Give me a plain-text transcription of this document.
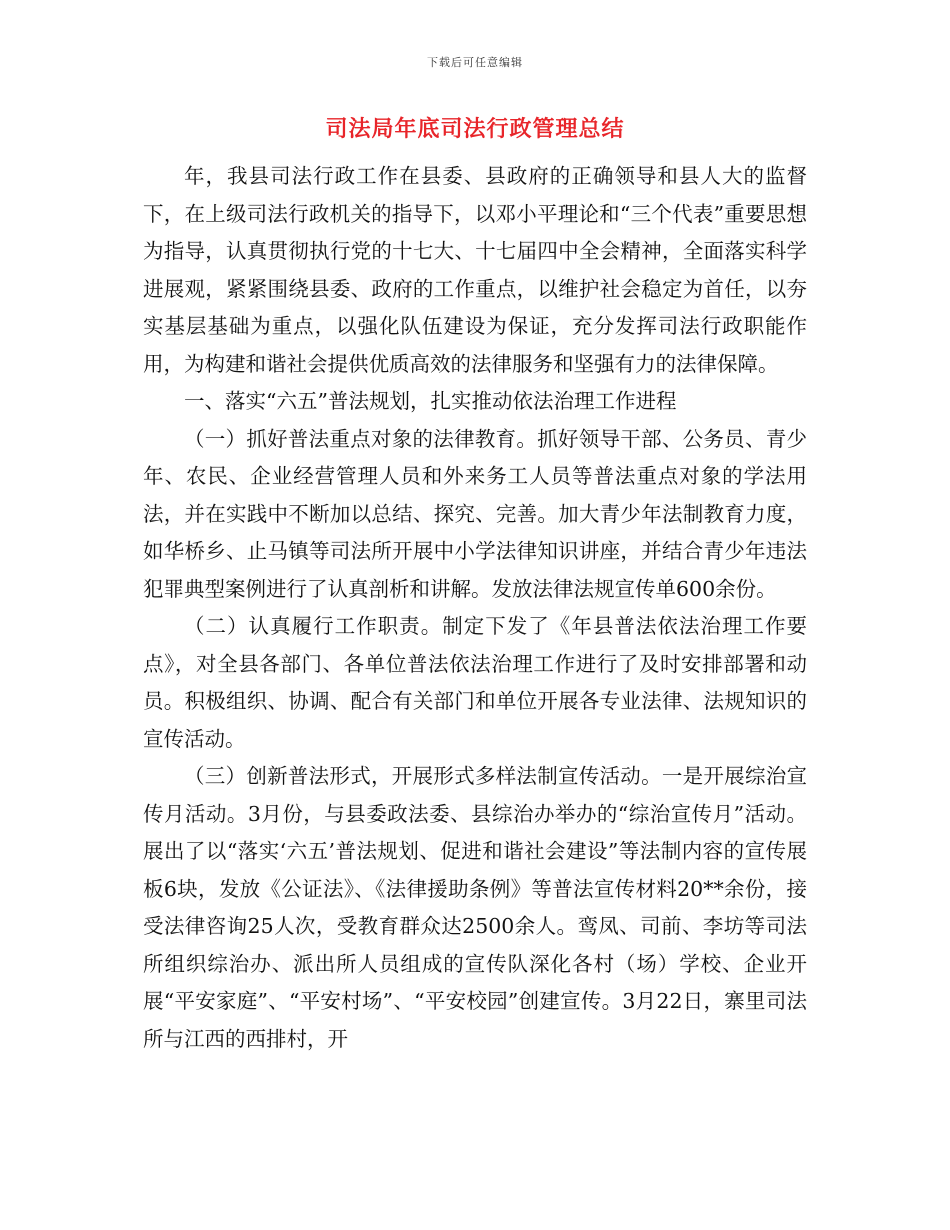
下载后可任意编辑
司法局年底司法行政管理总结

年，我县司法行政工作在县委、县政府的正确领导和县人大的监督下，在上级司法行政机关的指导下，以邓小平理论和“三个代表”重要思想为指导，认真贯彻执行党的十七大、十七届四中全会精神，全面落实科学进展观，紧紧围绕县委、政府的工作重点，以维护社会稳定为首任，以夯实基层基础为重点，以强化队伍建设为保证，充分发挥司法行政职能作用，为构建和谐社会提供优质高效的法律服务和坚强有力的法律保障。

一、落实“六五”普法规划，扎实推动依法治理工作进程

（一）抓好普法重点对象的法律教育。抓好领导干部、公务员、青少年、农民、企业经营管理人员和外来务工人员等普法重点对象的学法用法，并在实践中不断加以总结、探究、完善。加大青少年法制教育力度，如华桥乡、止马镇等司法所开展中小学法律知识讲座，并结合青少年违法犯罪典型案例进行了认真剖析和讲解。发放法律法规宣传单600余份。

（二）认真履行工作职责。制定下发了《年县普法依法治理工作要点》，对全县各部门、各单位普法依法治理工作进行了及时安排部署和动员。积极组织、协调、配合有关部门和单位开展各专业法律、法规知识的宣传活动。

（三）创新普法形式，开展形式多样法制宣传活动。一是开展综治宣传月活动。3月份，与县委政法委、县综治办举办的“综治宣传月”活动。展出了以“落实‘六五’普法规划、促进和谐社会建设”等法制内容的宣传展板6块，发放《公证法》、《法律援助条例》等普法宣传材料20**余份，接受法律咨询25人次，受教育群众达2500余人。鸾凤、司前、李坊等司法所组织综治办、派出所人员组成的宣传队深化各村（场）学校、企业开展“平安家庭”、“平安村场”、“平安校园”创建宣传。3月22日，寨里司法所与江西的西排村，开
